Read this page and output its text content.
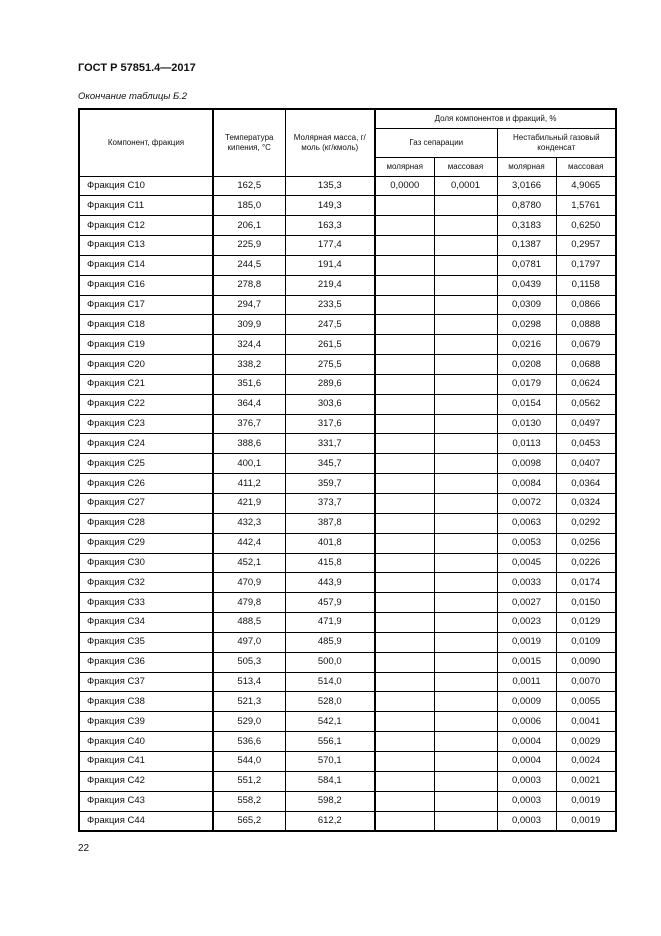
ГОСТ Р 57851.4—2017
Окончание таблицы Б.2
Компонент, фракция	Температура кипения, °С	Молярная масса, г/моль (кг/кмоль)	Доля компонентов и фракций, %			
			Газ сепарации		Нестабильный газовый конденсат	
			молярная	массовая	молярная	массовая
Фракция С10	162,5	135,3	0,0000	0,0001	3,0166	4,9065
Фракция С11	185,0	149,3			0,8780	1,5761
Фракция С12	206,1	163,3			0,3183	0,6250
Фракция С13	225,9	177,4			0,1387	0,2957
Фракция С14	244,5	191,4			0,0781	0,1797
Фракция С16	278,8	219,4			0,0439	0,1158
Фракция С17	294,7	233,5			0,0309	0,0866
Фракция С18	309,9	247,5			0,0298	0,0888
Фракция С19	324,4	261,5			0,0216	0,0679
Фракция С20	338,2	275,5			0,0208	0,0688
Фракция С21	351,6	289,6			0,0179	0,0624
Фракция С22	364,4	303,6			0,0154	0,0562
Фракция С23	376,7	317,6			0,0130	0,0497
Фракция С24	388,6	331,7			0,0113	0,0453
Фракция С25	400,1	345,7			0,0098	0,0407
Фракция С26	411,2	359,7			0,0084	0,0364
Фракция С27	421,9	373,7			0,0072	0,0324
Фракция С28	432,3	387,8			0,0063	0,0292
Фракция С29	442,4	401,8			0,0053	0,0256
Фракция С30	452,1	415,8			0,0045	0,0226
Фракция С32	470,9	443,9			0,0033	0,0174
Фракция С33	479,8	457,9			0,0027	0,0150
Фракция С34	488,5	471,9			0,0023	0,0129
Фракция С35	497,0	485,9			0,0019	0,0109
Фракция С36	505,3	500,0			0,0015	0,0090
Фракция С37	513,4	514,0			0,0011	0,0070
Фракция С38	521,3	528,0			0,0009	0,0055
Фракция С39	529,0	542,1			0,0006	0,0041
Фракция С40	536,6	556,1			0,0004	0,0029
Фракция С41	544,0	570,1			0,0004	0,0024
Фракция С42	551,2	584,1			0,0003	0,0021
Фракция С43	558,2	598,2			0,0003	0,0019
Фракция С44	565,2	612,2			0,0003	0,0019
22
